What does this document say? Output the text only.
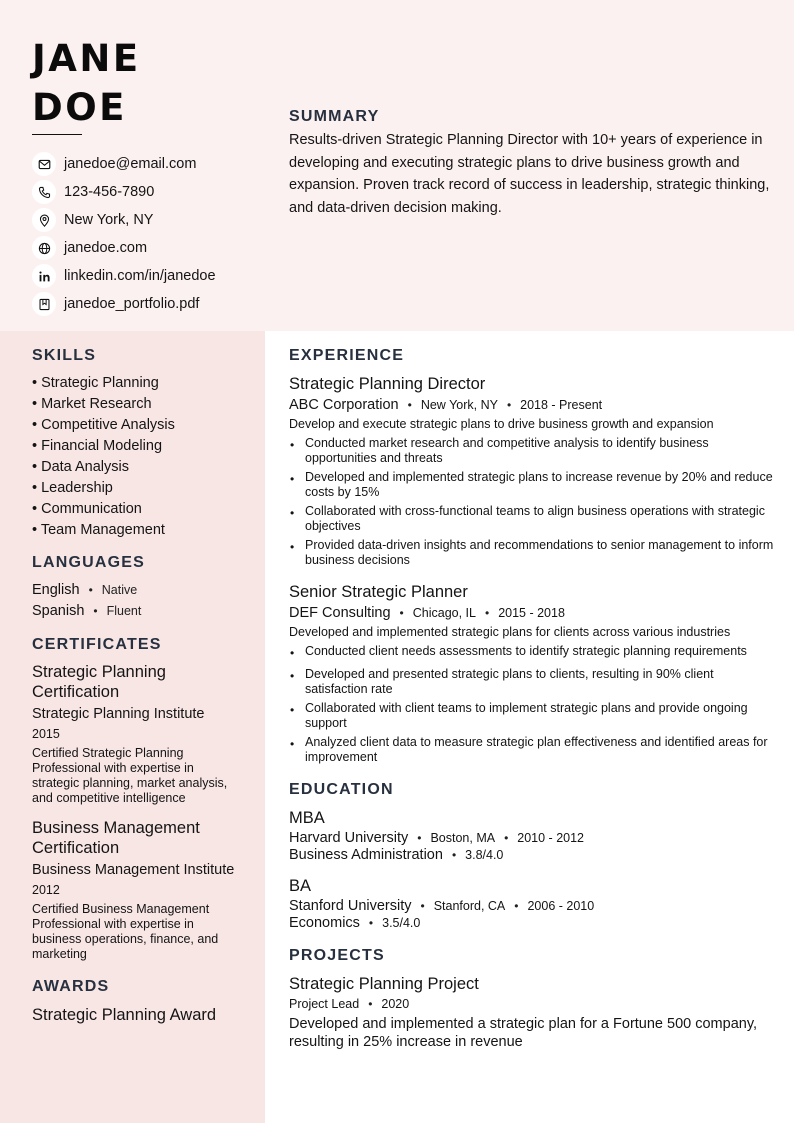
JANE
DOE
janedoe@email.com
123-456-7890
New York, NY
janedoe.com
linkedin.com/in/janedoe
janedoe_portfolio.pdf
SUMMARY
Results-driven Strategic Planning Director with 10+ years of experience in developing and executing strategic plans to drive business growth and expansion. Proven track record of success in leadership, strategic thinking, and data-driven decision making.
SKILLS
• Strategic Planning
• Market Research
• Competitive Analysis
• Financial Modeling
• Data Analysis
• Leadership
• Communication
• Team Management
LANGUAGES
English • Native
Spanish • Fluent
CERTIFICATES
Strategic Planning Certification
Strategic Planning Institute
2015
Certified Strategic Planning Professional with expertise in strategic planning, market analysis, and competitive intelligence
Business Management Certification
Business Management Institute
2012
Certified Business Management Professional with expertise in business operations, finance, and marketing
AWARDS
Strategic Planning Award
EXPERIENCE
Strategic Planning Director
ABC Corporation • New York, NY • 2018 - Present
Develop and execute strategic plans to drive business growth and expansion
• Conducted market research and competitive analysis to identify business opportunities and threats
• Developed and implemented strategic plans to increase revenue by 20% and reduce costs by 15%
• Collaborated with cross-functional teams to align business operations with strategic objectives
• Provided data-driven insights and recommendations to senior management to inform business decisions
Senior Strategic Planner
DEF Consulting • Chicago, IL • 2015 - 2018
Developed and implemented strategic plans for clients across various industries
• Conducted client needs assessments to identify strategic planning requirements
• Developed and presented strategic plans to clients, resulting in 90% client satisfaction rate
• Collaborated with client teams to implement strategic plans and provide ongoing support
• Analyzed client data to measure strategic plan effectiveness and identified areas for improvement
EDUCATION
MBA
Harvard University • Boston, MA • 2010 - 2012
Business Administration • 3.8/4.0
BA
Stanford University • Stanford, CA • 2006 - 2010
Economics • 3.5/4.0
PROJECTS
Strategic Planning Project
Project Lead • 2020
Developed and implemented a strategic plan for a Fortune 500 company, resulting in 25% increase in revenue
